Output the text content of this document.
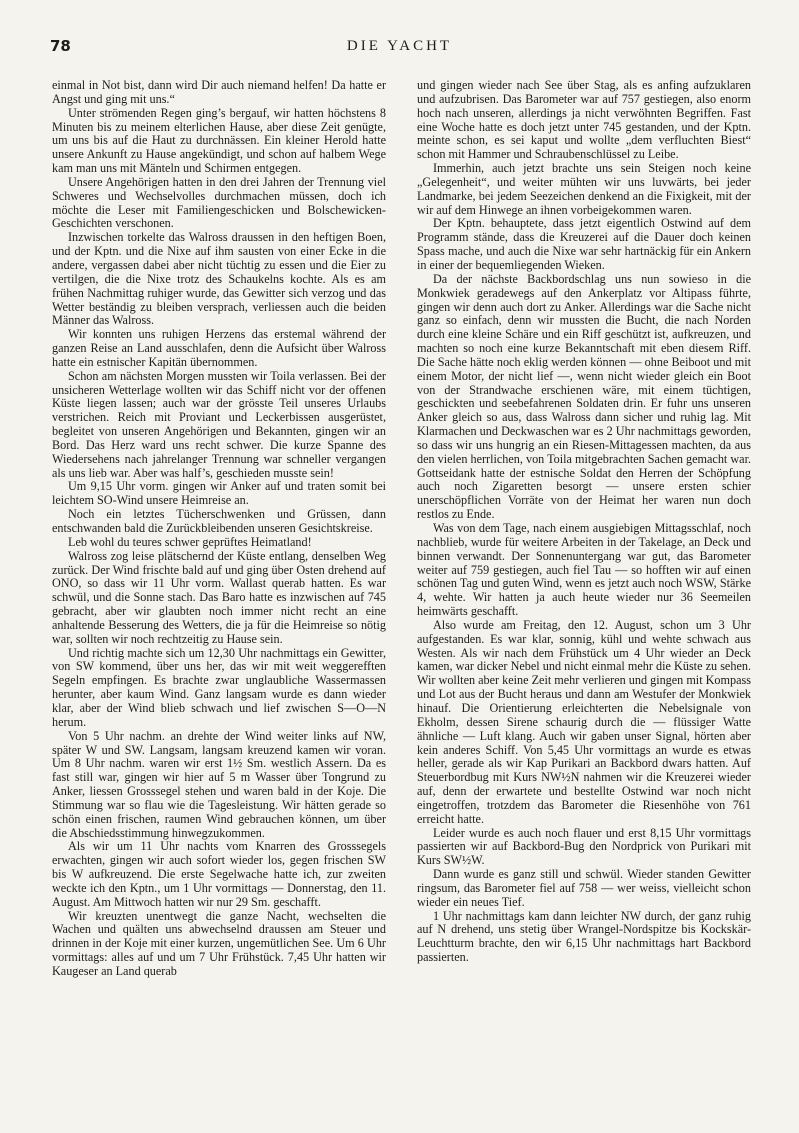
78	DIE YACHT

einmal in Not bist, dann wird Dir auch niemand helfen! Da hatte er Angst und ging mit uns.“

Unter strömenden Regen ging’s bergauf, wir hatten höchstens 8 Minuten bis zu meinem elterlichen Hause, aber diese Zeit genügte, um uns bis auf die Haut zu durchnässen. Ein kleiner Herold hatte unsere Ankunft zu Hause angekündigt, und schon auf halbem Wege kam man uns mit Mänteln und Schirmen entgegen.

Unsere Angehörigen hatten in den drei Jahren der Trennung viel Schweres und Wechselvolles durchmachen müssen, doch ich möchte die Leser mit Familiengeschicken und Bolschewicken-Geschichten verschonen.

Inzwischen torkelte das Walross draussen in den heftigen Boen, und der Kptn. und die Nixe auf ihm sausten von einer Ecke in die andere, vergassen dabei aber nicht tüchtig zu essen und die Eier zu vertilgen, die die Nixe trotz des Schaukelns kochte. Als es am frühen Nachmittag ruhiger wurde, das Gewitter sich verzog und das Wetter beständig zu bleiben versprach, verliessen auch die beiden Männer das Walross.

Wir konnten uns ruhigen Herzens das erstemal während der ganzen Reise an Land ausschlafen, denn die Aufsicht über Walross hatte ein estnischer Kapitän übernommen.

Schon am nächsten Morgen mussten wir Toila verlassen. Bei der unsicheren Wetterlage wollten wir das Schiff nicht vor der offenen Küste liegen lassen; auch war der grösste Teil unseres Urlaubs verstrichen. Reich mit Proviant und Leckerbissen ausgerüstet, begleitet von unseren Angehörigen und Bekannten, gingen wir an Bord. Das Herz ward uns recht schwer. Die kurze Spanne des Wiedersehens nach jahrelanger Trennung war schneller vergangen als uns lieb war. Aber was half’s, geschieden musste sein!

Um 9,15 Uhr vorm. gingen wir Anker auf und traten somit bei leichtem SO-Wind unsere Heimreise an.

Noch ein letztes Tücherschwenken und Grüssen, dann entschwanden bald die Zurückbleibenden unseren Gesichtskreise.

Leb wohl du teures schwer geprüftes Heimatland!

Walross zog leise plätschernd der Küste entlang, denselben Weg zurück. Der Wind frischte bald auf und ging über Osten drehend auf ONO, so dass wir 11 Uhr vorm. Wallast querab hatten. Es war schwül, und die Sonne stach. Das Baro hatte es inzwischen auf 745 gebracht, aber wir glaubten noch immer nicht recht an eine anhaltende Besserung des Wetters, die ja für die Heimreise so nötig war, sollten wir noch rechtzeitig zu Hause sein.

Und richtig machte sich um 12,30 Uhr nachmittags ein Gewitter, von SW kommend, über uns her, das wir mit weit weggerefften Segeln empfingen. Es brachte zwar unglaubliche Wassermassen herunter, aber kaum Wind. Ganz langsam wurde es dann wieder klar, aber der Wind blieb schwach und lief zwischen S—O—N herum.

Von 5 Uhr nachm. an drehte der Wind weiter links auf NW, später W und SW. Langsam, langsam kreuzend kamen wir voran. Um 8 Uhr nachm. waren wir erst 1½ Sm. westlich Assern. Da es fast still war, gingen wir hier auf 5 m Wasser über Tongrund zu Anker, liessen Grosssegel stehen und waren bald in der Koje. Die Stimmung war so flau wie die Tagesleistung. Wir hätten gerade so schön einen frischen, raumen Wind gebrauchen können, um über die Abschiedsstimmung hinwegzukommen.

Als wir um 11 Uhr nachts vom Knarren des Grosssegels erwachten, gingen wir auch sofort wieder los, gegen frischen SW bis W aufkreuzend. Die erste Segelwache hatte ich, zur zweiten weckte ich den Kptn., um 1 Uhr vormittags — Donnerstag, den 11. August. Am Mittwoch hatten wir nur 29 Sm. geschafft.

Wir kreuzten unentwegt die ganze Nacht, wechselten die Wachen und quälten uns abwechselnd draussen am Steuer und drinnen in der Koje mit einer kurzen, ungemütlichen See. Um 6 Uhr vormittags: alles auf und um 7 Uhr Frühstück. 7,45 Uhr hatten wir Kaugeser an Land querab

und gingen wieder nach See über Stag, als es anfing aufzuklaren und aufzubrisen. Das Barometer war auf 757 gestiegen, also enorm hoch nach unseren, allerdings ja nicht verwöhnten Begriffen. Fast eine Woche hatte es doch jetzt unter 745 gestanden, und der Kptn. meinte schon, es sei kaput und wollte „dem verfluchten Biest“ schon mit Hammer und Schraubenschlüssel zu Leibe.

Immerhin, auch jetzt brachte uns sein Steigen noch keine „Gelegenheit“, und weiter mühten wir uns luvwärts, bei jeder Landmarke, bei jedem Seezeichen denkend an die Fixigkeit, mit der wir auf dem Hinwege an ihnen vorbeigekommen waren.

Der Kptn. behauptete, dass jetzt eigentlich Ostwind auf dem Programm stände, dass die Kreuzerei auf die Dauer doch keinen Spass mache, und auch die Nixe war sehr hartnäckig für ein Ankern in einer der bequemliegenden Wieken.

Da der nächste Backbordschlag uns nun sowieso in die Monkwiek geradewegs auf den Ankerplatz vor Altipass führte, gingen wir denn auch dort zu Anker. Allerdings war die Sache nicht ganz so einfach, denn wir mussten die Bucht, die nach Norden durch eine kleine Schäre und ein Riff geschützt ist, aufkreuzen, und machten so noch eine kurze Bekanntschaft mit eben diesem Riff. Die Sache hätte noch eklig werden können — ohne Beiboot und mit einem Motor, der nicht lief —, wenn nicht wieder gleich ein Boot von der Strandwache erschienen wäre, mit einem tüchtigen, geschickten und seebefahrenen Soldaten drin. Er fuhr uns unseren Anker gleich so aus, dass Walross dann sicher und ruhig lag. Mit Klarmachen und Deckwaschen war es 2 Uhr nachmittags geworden, so dass wir uns hungrig an ein Riesen-Mittagessen machten, da aus den vielen herrlichen, von Toila mitgebrachten Sachen gemacht war. Gottseidank hatte der estnische Soldat den Herren der Schöpfung auch noch Zigaretten besorgt — unsere ersten schier unerschöpflichen Vorräte von der Heimat her waren nun doch restlos zu Ende.

Was von dem Tage, nach einem ausgiebigen Mittagsschlaf, noch nachblieb, wurde für weitere Arbeiten in der Takelage, an Deck und binnen verwandt. Der Sonnenuntergang war gut, das Barometer weiter auf 759 gestiegen, auch fiel Tau — so hofften wir auf einen schönen Tag und guten Wind, wenn es jetzt auch noch WSW, Stärke 4, wehte. Wir hatten ja auch heute wieder nur 36 Seemeilen heimwärts geschafft.

Also wurde am Freitag, den 12. August, schon um 3 Uhr aufgestanden. Es war klar, sonnig, kühl und wehte schwach aus Westen. Als wir nach dem Frühstück um 4 Uhr wieder an Deck kamen, war dicker Nebel und nicht einmal mehr die Küste zu sehen. Wir wollten aber keine Zeit mehr verlieren und gingen mit Kompass und Lot aus der Bucht heraus und dann am Westufer der Monkwiek hinauf. Die Orientierung erleichterten die Nebelsignale von Ekholm, dessen Sirene schaurig durch die — flüssiger Watte ähnliche — Luft klang. Auch wir gaben unser Signal, hörten aber kein anderes Schiff. Von 5,45 Uhr vormittags an wurde es etwas heller, gerade als wir Kap Purikari an Backbord dwars hatten. Auf Steuerbordbug mit Kurs NW½N nahmen wir die Kreuzerei wieder auf, denn der erwartete und bestellte Ostwind war noch nicht eingetroffen, trotzdem das Barometer die Riesenhöhe von 761 erreicht hatte.

Leider wurde es auch noch flauer und erst 8,15 Uhr vormittags passierten wir auf Backbord-Bug den Nordprick von Purikari mit Kurs SW½W.

Dann wurde es ganz still und schwül. Wieder standen Gewitter ringsum, das Barometer fiel auf 758 — wer weiss, vielleicht schon wieder ein neues Tief.

1 Uhr nachmittags kam dann leichter NW durch, der ganz ruhig auf N drehend, uns stetig über Wrangel-Nordspitze bis Kockskär-Leuchtturm brachte, den wir 6,15 Uhr nachmittags hart Backbord passierten.
